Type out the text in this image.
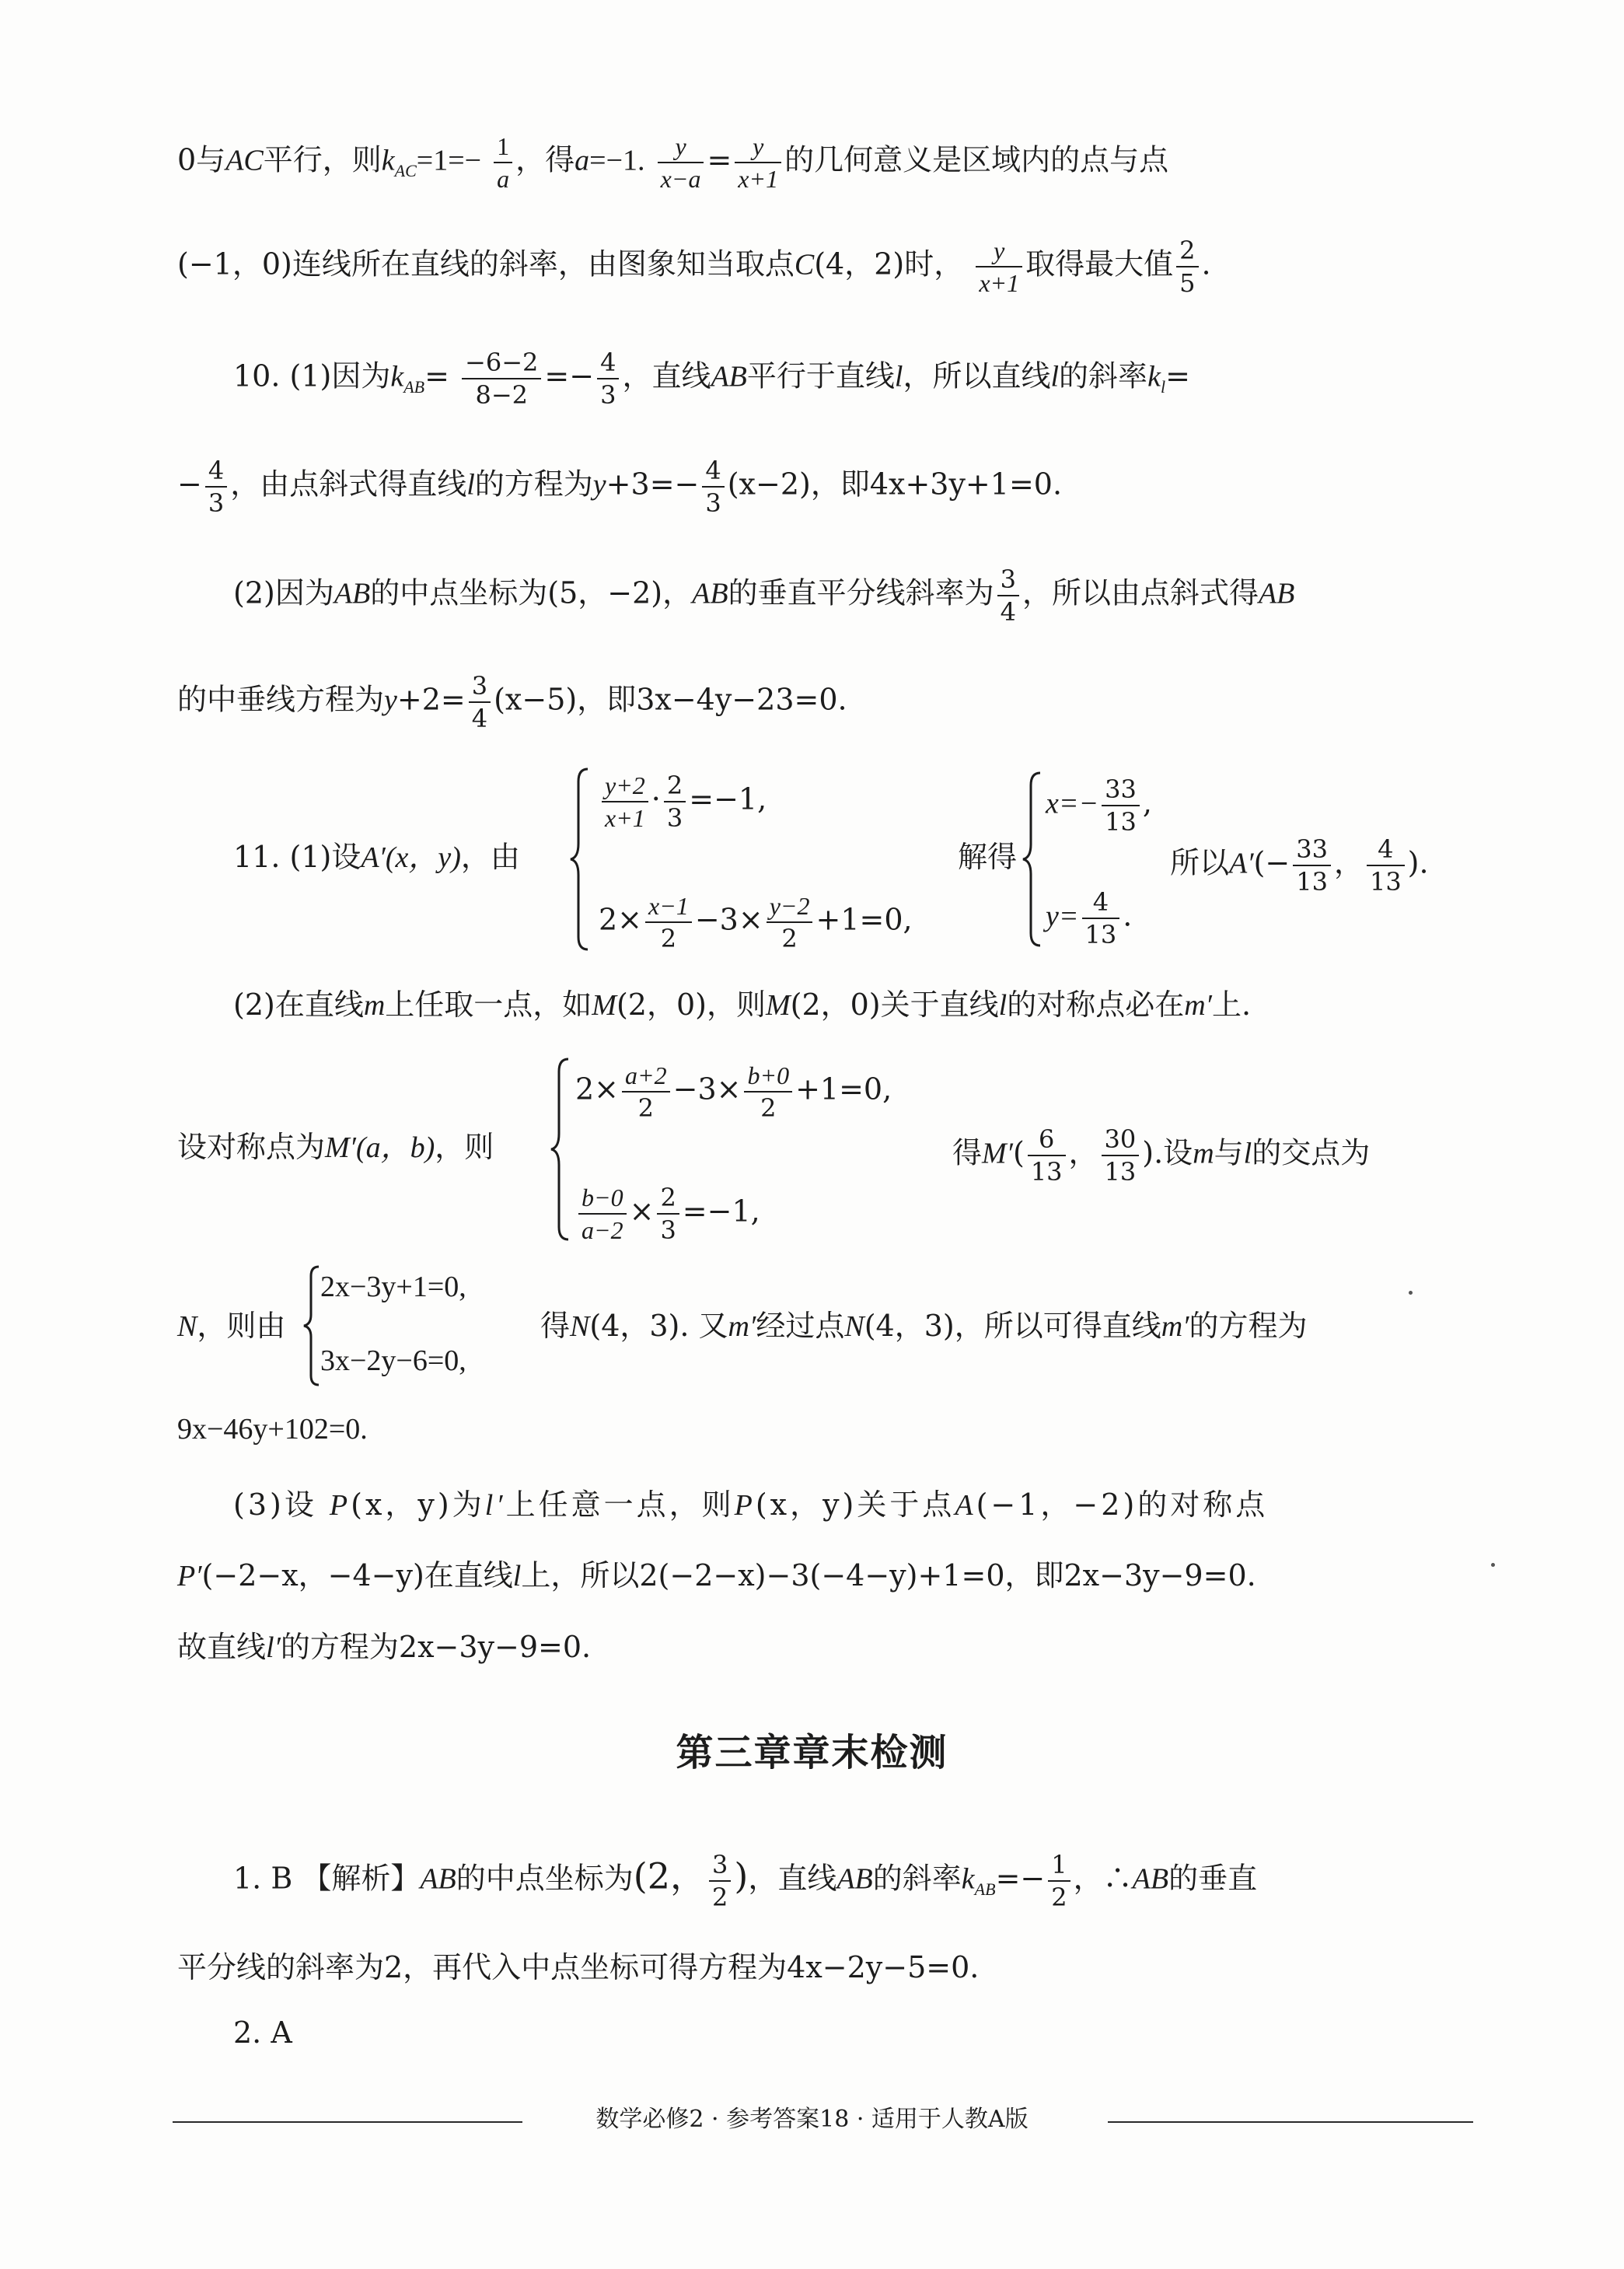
0与AC平行，则$k_{AC}=1=- \frac{1}{a}$ ，得a=−1. $\frac{y}{x-a} = \frac{y}{x+1}$ 的几何意义是区域内的点与点
(−1，0)连线所在直线的斜率，由图象知当取点C(4，2)时， $\frac{y}{x+1}$ 取得最大值 $\frac{2}{5}$ .
10. (1)因为$k_{AB}= \frac{-6-2}{8-2} =- \frac{4}{3}$ ，直线AB平行于直线l，所以直线l的斜率$k_l=$
− $\frac{4}{3}$ ，由点斜式得直线l的方程为$y+3=- \frac{4}{3} (x-2)$，即4x+3y+1=0.
(2)因为AB的中点坐标为(5，−2)，AB的垂直平分线斜率为 $\frac{3}{4}$ ，所以由点斜式得AB
的中垂线方程为$y+2= \frac{3}{4} (x-5)$，即3x−4y−23=0.
11. (1)设A′(x，y)，由
$\frac{y+2}{x+1} \cdot \frac{2}{3} =-1$,
$2\times \frac{x-1}{2} -3\times \frac{y-2}{2} +1=0$,
解得
$x=- \frac{33}{13}$ ,
$y= \frac{4}{13}$ .
所以$A'(- \frac{33}{13}$ ， $\frac{4}{13}$ ).
(2)在直线m上任取一点，如M(2，0)，则M(2，0)关于直线l的对称点必在m′上.
设对称点为M′(a，b)，则
$2\times \frac{a+2}{2} -3\times \frac{b+0}{2} +1=0$,
$\frac{b-0}{a-2} \times \frac{2}{3} =-1$,
得$M'( \frac{6}{13}$ ， $\frac{30}{13}$ ).设m与l的交点为
N，则由
2x−3y+1=0,
3x−2y−6=0,
得N(4，3). 又m′经过点N(4，3)，所以可得直线m′的方程为
9x−46y+102=0.
(3)设 P(x，y)为l′上任意一点，则P(x，y)关于点A(−1，−2)的对称点
P′(−2−x，−4−y)在直线l上，所以2(−2−x)−3(−4−y)+1=0，即2x−3y−9=0.
故直线l′的方程为2x−3y−9=0.
第三章章末检测
1. B 【解析】AB的中点坐标为(2， $\frac{3}{2}$ )，直线AB的斜率$k_{AB}=- \frac{1}{2}$ ，∴AB的垂直
平分线的斜率为2，再代入中点坐标可得方程为4x−2y−5=0.
2. A
数学必修2 · 参考答案18 · 适用于人教A版
